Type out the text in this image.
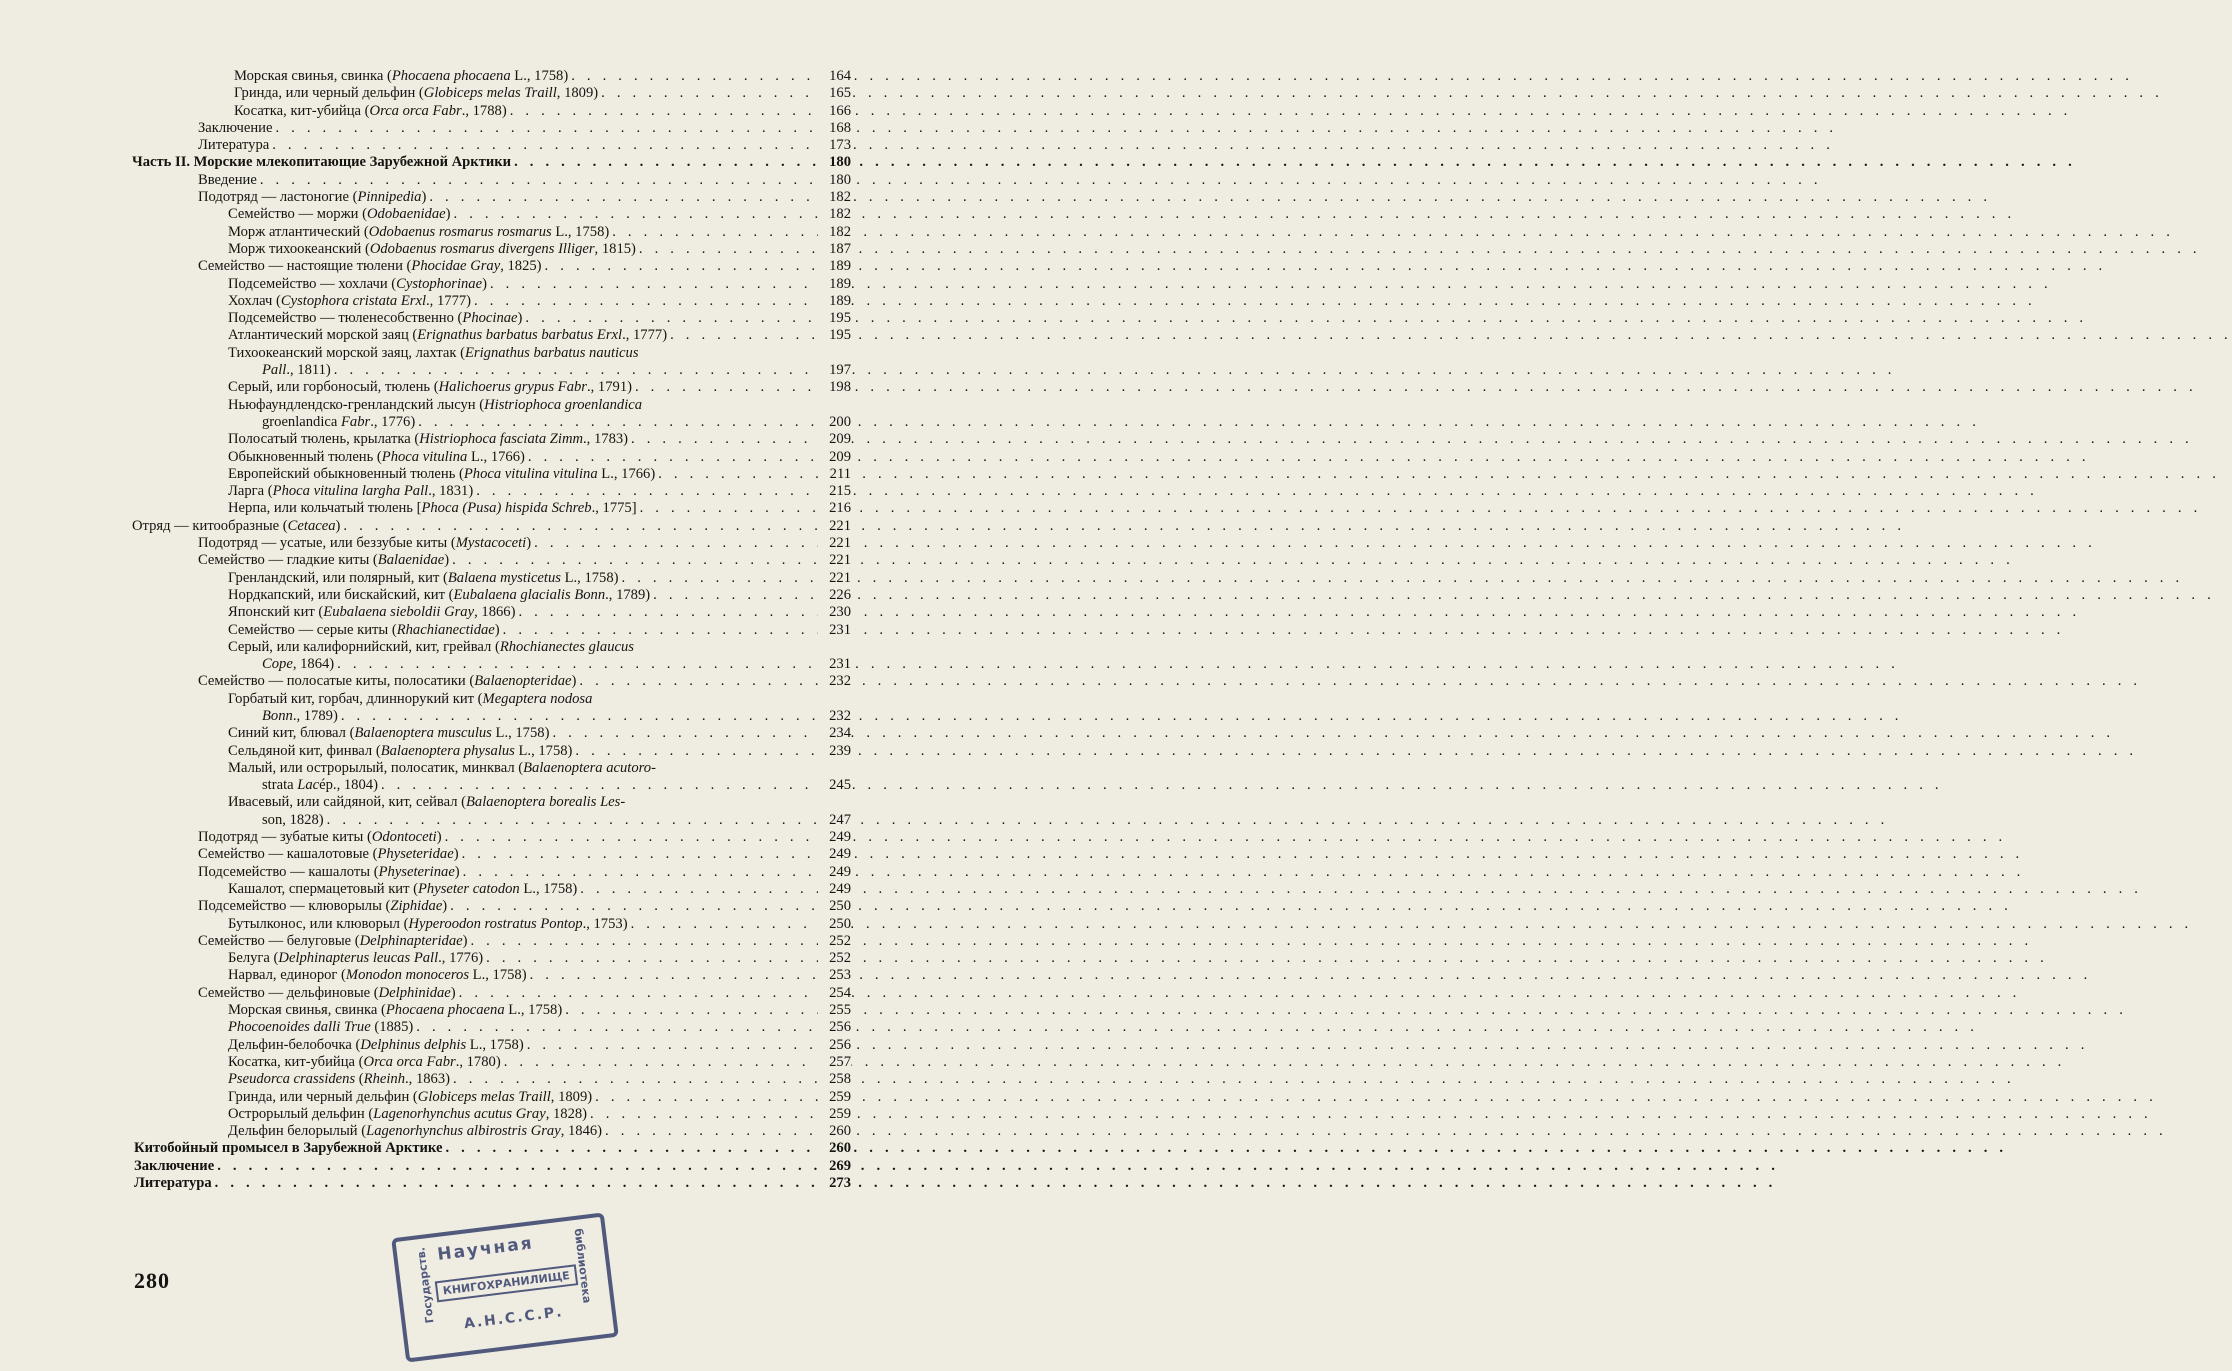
Морская свинья, свинка (Phocaena phocaena L., 1758) . . .	164
Гринда, или черный дельфин (Globiceps melas Traill, 1809) . . .	165
Косатка, кит-убийца (Orca orca Fabr., 1788) . . .	166
Заключение . . .	168
Литература . . .	173
Часть II. Морские млекопитающие Зарубежной Арктики . . .	180
Введение . . .	180
Подотряд — ластоногие (Pinnipedia) . . .	182
Семейство — моржи (Odobaenidae) . . .	182
Морж атлантический (Odobaenus rosmarus rosmarus L., 1758) . . .	182
Морж тихоокеанский (Odobaenus rosmarus divergens Illiger, 1815) . . .	187
Семейство — настоящие тюлени (Phocidae Gray, 1825) . . .	189
Подсемейство — хохлачи (Cystophorinae) . . .	189
Хохлач (Cystophora cristata Erxl., 1777) . . .	189
Подсемейство — тюленесобственно (Phocinae) . . .	195
Атлантический морской заяц (Erignathus barbatus barbatus Erxl., 1777) . . .	195
Тихоокеанский морской заяц, лахтак (Erignathus barbatus nauticus
Pall., 1811) . . .	197
Серый, или горбоносый, тюлень (Halichoerus grypus Fabr., 1791) . . .	198
Ньюфаундлендско-гренландский лысун (Histriophoca groenlandica
groenlandica Fabr., 1776) . . .	200
Полосатый тюлень, крылатка (Histriophoca fasciata Zimm., 1783) . . .	209
Обыкновенный тюлень (Phoca vitulina L., 1766) . . .	209
Европейский обыкновенный тюлень (Phoca vitulina vitulina L., 1766) . . .	211
Ларга (Phoca vitulina largha Pall., 1831) . . .	215
Нерпа, или кольчатый тюлень [Phoca (Pusa) hispida Schreb., 1775] . . .	216
Отряд — китообразные (Cetacea) . . .	221
Подотряд — усатые, или беззубые киты (Mystacoceti) . . .	221
Семейство — гладкие киты (Balaenidae) . . .	221
Гренландский, или полярный, кит (Balaena mysticetus L., 1758) . . .	221
Нордкапский, или бискайский, кит (Eubalaena glacialis Bonn., 1789) . . .	226
Японский кит (Eubalaena sieboldii Gray, 1866) . . .	230
Семейство — серые киты (Rhachianectidae) . . .	231
Серый, или калифорнийский, кит, грейвал (Rhochianectes glaucus
Cope, 1864) . . .	231
Семейство — полосатые киты, полосатики (Balaenopteridae) . . .	232
Горбатый кит, горбач, длиннорукий кит (Megaptera nodosa
Bonn., 1789) . . .	232
Синий кит, блювал (Balaenoptera musculus L., 1758) . . .	234
Сельдяной кит, финвал (Balaenoptera physalus L., 1758) . . .	239
Малый, или острорылый, полосатик, минквал (Balaenoptera acutoro-
strata Lacép., 1804) . . .	245
Ивасевый, или сайдяной, кит, сейвал (Balaenoptera borealis Les-
son, 1828) . . .	247
Подотряд — зубатые киты (Odontoceti) . . .	249
Семейство — кашалотовые (Physeteridae) . . .	249
Подсемейство — кашалоты (Physeterinae) . . .	249
Кашалот, спермацетовый кит (Physeter catodon L., 1758) . . .	249
Подсемейство — клюворылы (Ziphidae) . . .	250
Бутылконос, или клюворыл (Hyperoodon rostratus Pontop., 1753) . . .	250
Семейство — белуговые (Delphinapteridae) . . .	252
Белуга (Delphinapterus leucas Pall., 1776) . . .	252
Нарвал, единорог (Monodon monoceros L., 1758) . . .	253
Семейство — дельфиновые (Delphinidae) . . .	254
Морская свинья, свинка (Phocaena phocaena L., 1758) . . .	255
Phocoenoides dalli True (1885) . . .	256
Дельфин-белобочка (Delphinus delphis L., 1758) . . .	256
Косатка, кит-убийца (Orca orca Fabr., 1780) . . .	257
Pseudorca crassidens (Rheinh., 1863) . . .	258
Гринда, или черный дельфин (Globiceps melas Traill, 1809) . . .	259
Острорылый дельфин (Lagenorhynchus acutus Gray, 1828) . . .	259
Дельфин белорылый (Lagenorhynchus albirostris Gray, 1846) . . .	260
Китобойный промысел в Зарубежной Арктике . . .	260
Заключение . . .	269
Литература . . .	273
280	Госудaрств.	библиотека
Научная
КНИГОХРАНИЛИЩЕ
А.Н.С.С.Р.
